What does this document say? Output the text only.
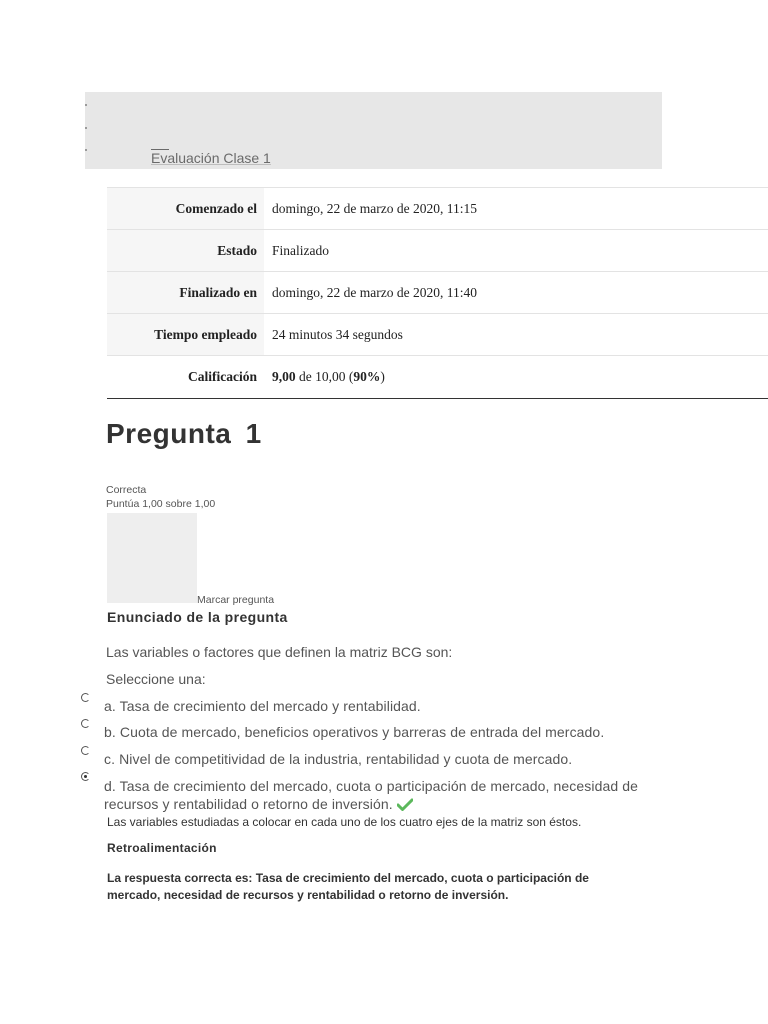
Evaluación Clase 1
Comenzado el	domingo, 22 de marzo de 2020, 11:15
Estado	Finalizado
Finalizado en	domingo, 22 de marzo de 2020, 11:40
Tiempo empleado	24 minutos 34 segundos
Calificación	9,00 de 10,00 (90%)
Pregunta 1
Correcta
Puntúa 1,00 sobre 1,00
Marcar pregunta
Enunciado de la pregunta
Las variables o factores que definen la matriz BCG son:
Seleccione una:
a. Tasa de crecimiento del mercado y rentabilidad.
b. Cuota de mercado, beneficios operativos y barreras de entrada del mercado.
c. Nivel de competitividad de la industria, rentabilidad y cuota de mercado.
d. Tasa de crecimiento del mercado, cuota o participación de mercado, necesidad de recursos y rentabilidad o retorno de inversión.
Las variables estudiadas a colocar en cada uno de los cuatro ejes de la matriz son éstos.
Retroalimentación
La respuesta correcta es: Tasa de crecimiento del mercado, cuota o participación de mercado, necesidad de recursos y rentabilidad o retorno de inversión.
